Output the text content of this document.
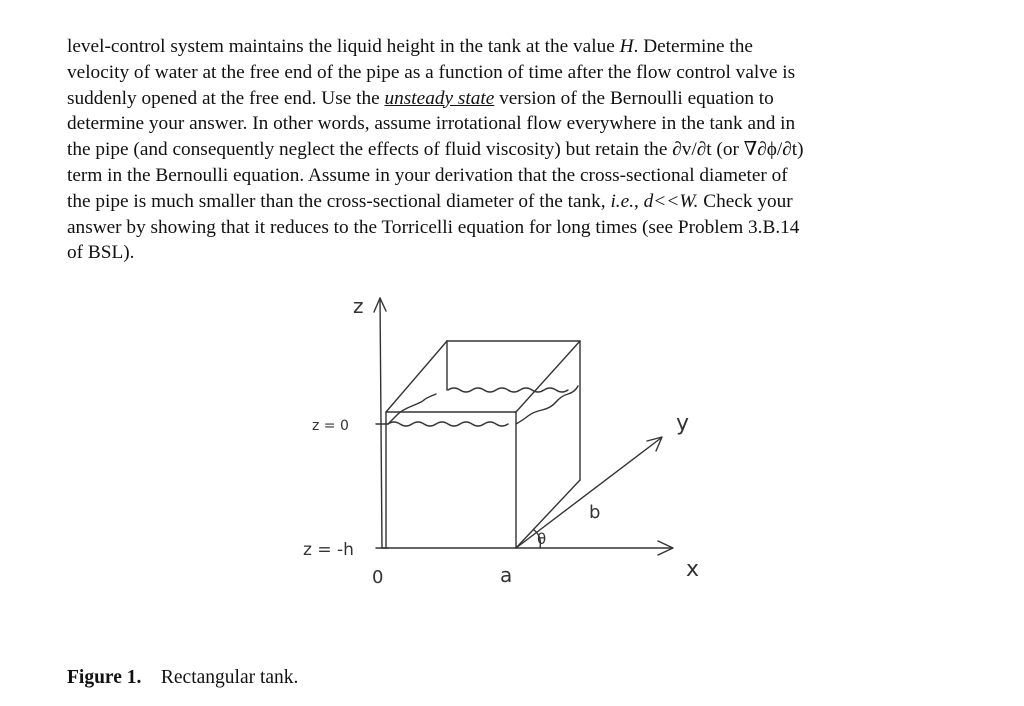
level-control system maintains the liquid height in the tank at the value H. Determine the
velocity of water at the free end of the pipe as a function of time after the flow control valve is
suddenly opened at the free end. Use the unsteady state version of the Bernoulli equation to
determine your answer. In other words, assume irrotational flow everywhere in the tank and in
the pipe (and consequently neglect the effects of fluid viscosity) but retain the ∂v/∂t (or ∇∂ϕ/∂t)
term in the Bernoulli equation. Assume in your derivation that the cross-sectional diameter of
the pipe is much smaller than the cross-sectional diameter of the tank, i.e., d<<W. Check your
answer by showing that it reduces to the Torricelli equation for long times (see Problem 3.B.14
of BSL).
z
x
y
z = 0
z = -h
0	a
b
θ
Figure 1. Rectangular tank.
